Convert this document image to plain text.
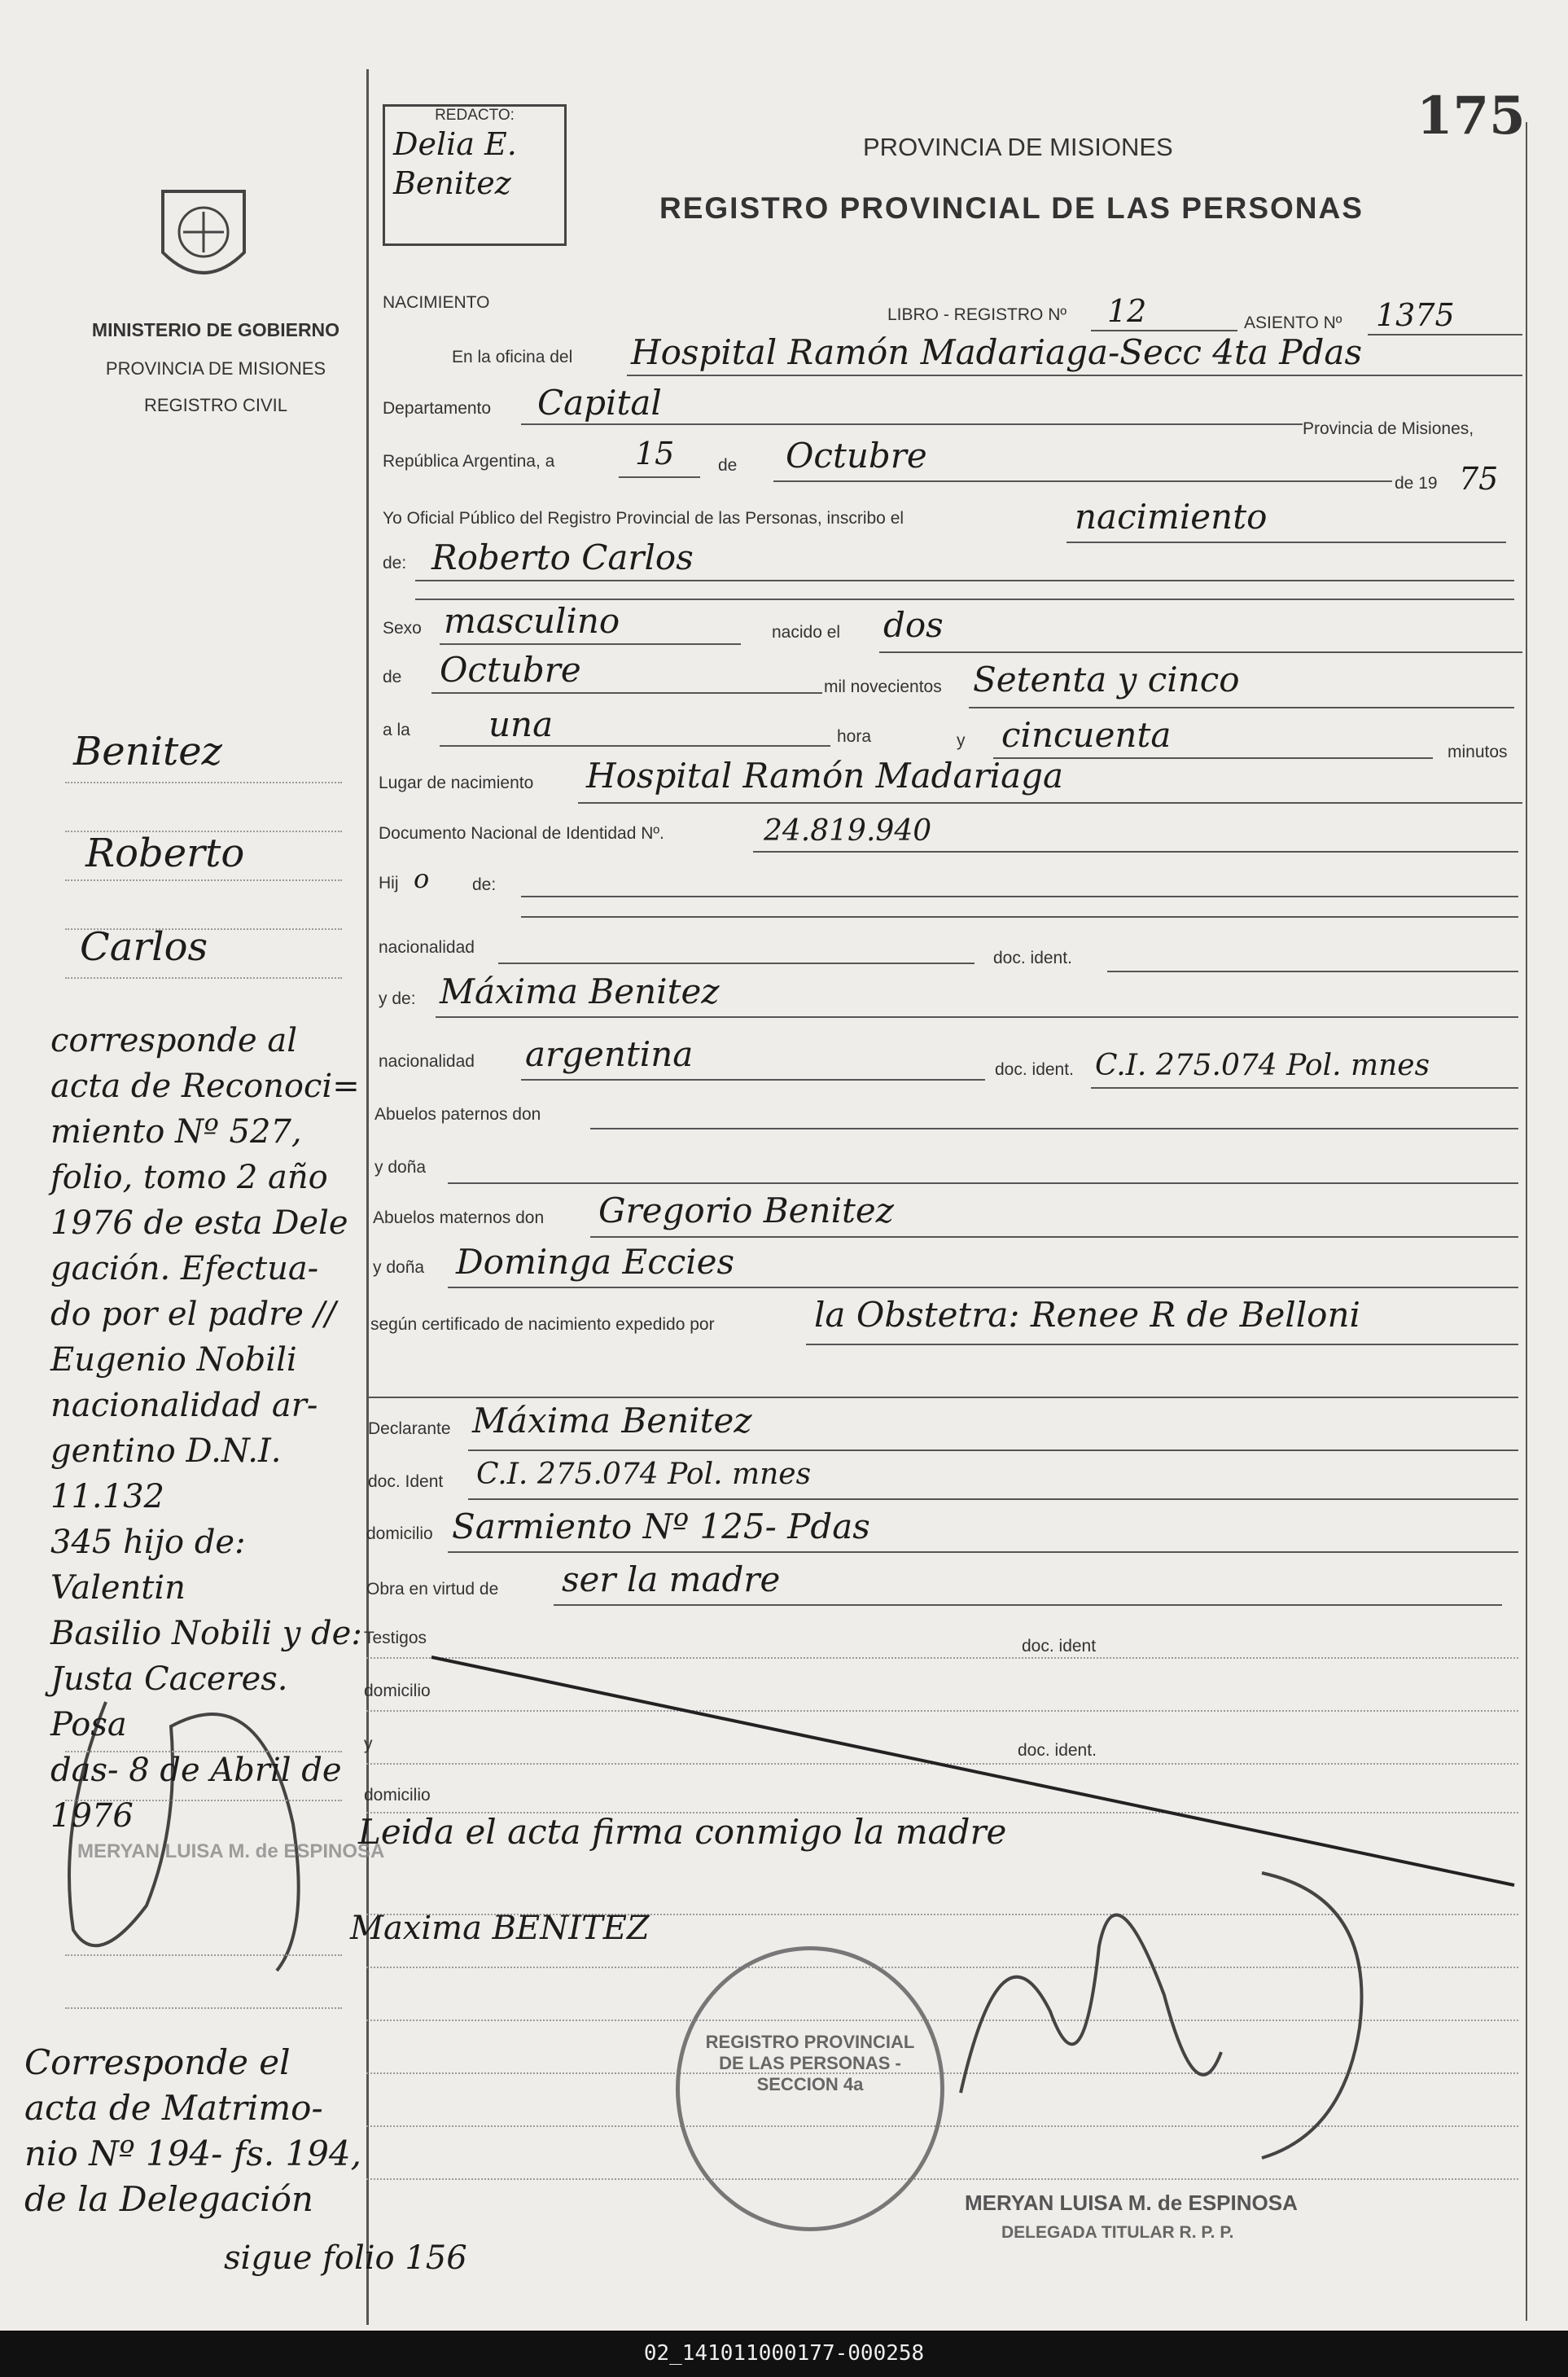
MINISTERIO DE GOBIERNO
PROVINCIA DE MISIONES
REGISTRO CIVIL
REDACTO:
Delia E. Benitez
175
PROVINCIA DE MISIONES
REGISTRO PROVINCIAL DE LAS PERSONAS
NACIMIENTO
LIBRO - REGISTRO Nº 12	ASIENTO Nº 1375
En la oficina del Hospital Ramón Madariaga-Secc 4ta Pdas
Departamento Capital
Provincia de Misiones,
República Argentina, a	15	de Octubre
de 19 75
Yo Oficial Público del Registro Provincial de las Personas, inscribo el	nacimiento
de: Roberto Carlos
Sexo masculino	nacido el dos
de Octubre	mil novecientos Setenta y cinco
a la una	hora	y cincuenta	minutos
Lugar de nacimiento Hospital Ramón Madariaga
Documento Nacional de Identidad Nº.	24.819.940
Hij o	de:
nacionalidad
doc. ident.
y de: Máxima Benitez
nacionalidad argentina	doc. ident. C.I. 275.074 Pol. mnes
Abuelos paternos don
y doña
Abuelos maternos don Gregorio Benitez
y doña Dominga Eccies
según certificado de nacimiento expedido por	la Obstetra: Renee R de Belloni
Declarante Máxima Benitez
doc. Ident C.I. 275.074 Pol. mnes
domicilio Sarmiento Nº 125- Pdas
Obra en virtud de ser la madre
Testigos	doc. ident
domicilio
y	doc. ident.
domicilio
Leida el acta firma conmigo la madre
Maxima BENITEZ
REGISTRO PROVINCIAL DE LAS PERSONAS - SECCION 4a
MERYAN LUISA M. de ESPINOSA
DELEGADA TITULAR R. P. P.
MERYAN LUISA M. de ESPINOSA
Benitez
Roberto
Carlos
corresponde al
acta de Reconoci=
miento Nº 527,
folio, tomo 2 año
1976 de esta Dele
gación. Efectua-
do por el padre //
Eugenio Nobili
nacionalidad ar-
gentino D.N.I. 11.132
345 hijo de: Valentin
Basilio Nobili y de:
Justa Caceres. Posa
das- 8 de Abril de 1976
Corresponde el
acta de Matrimo-
nio Nº 194- fs. 194,
de la Delegación
sigue folio 156
02_141011000177-000258
